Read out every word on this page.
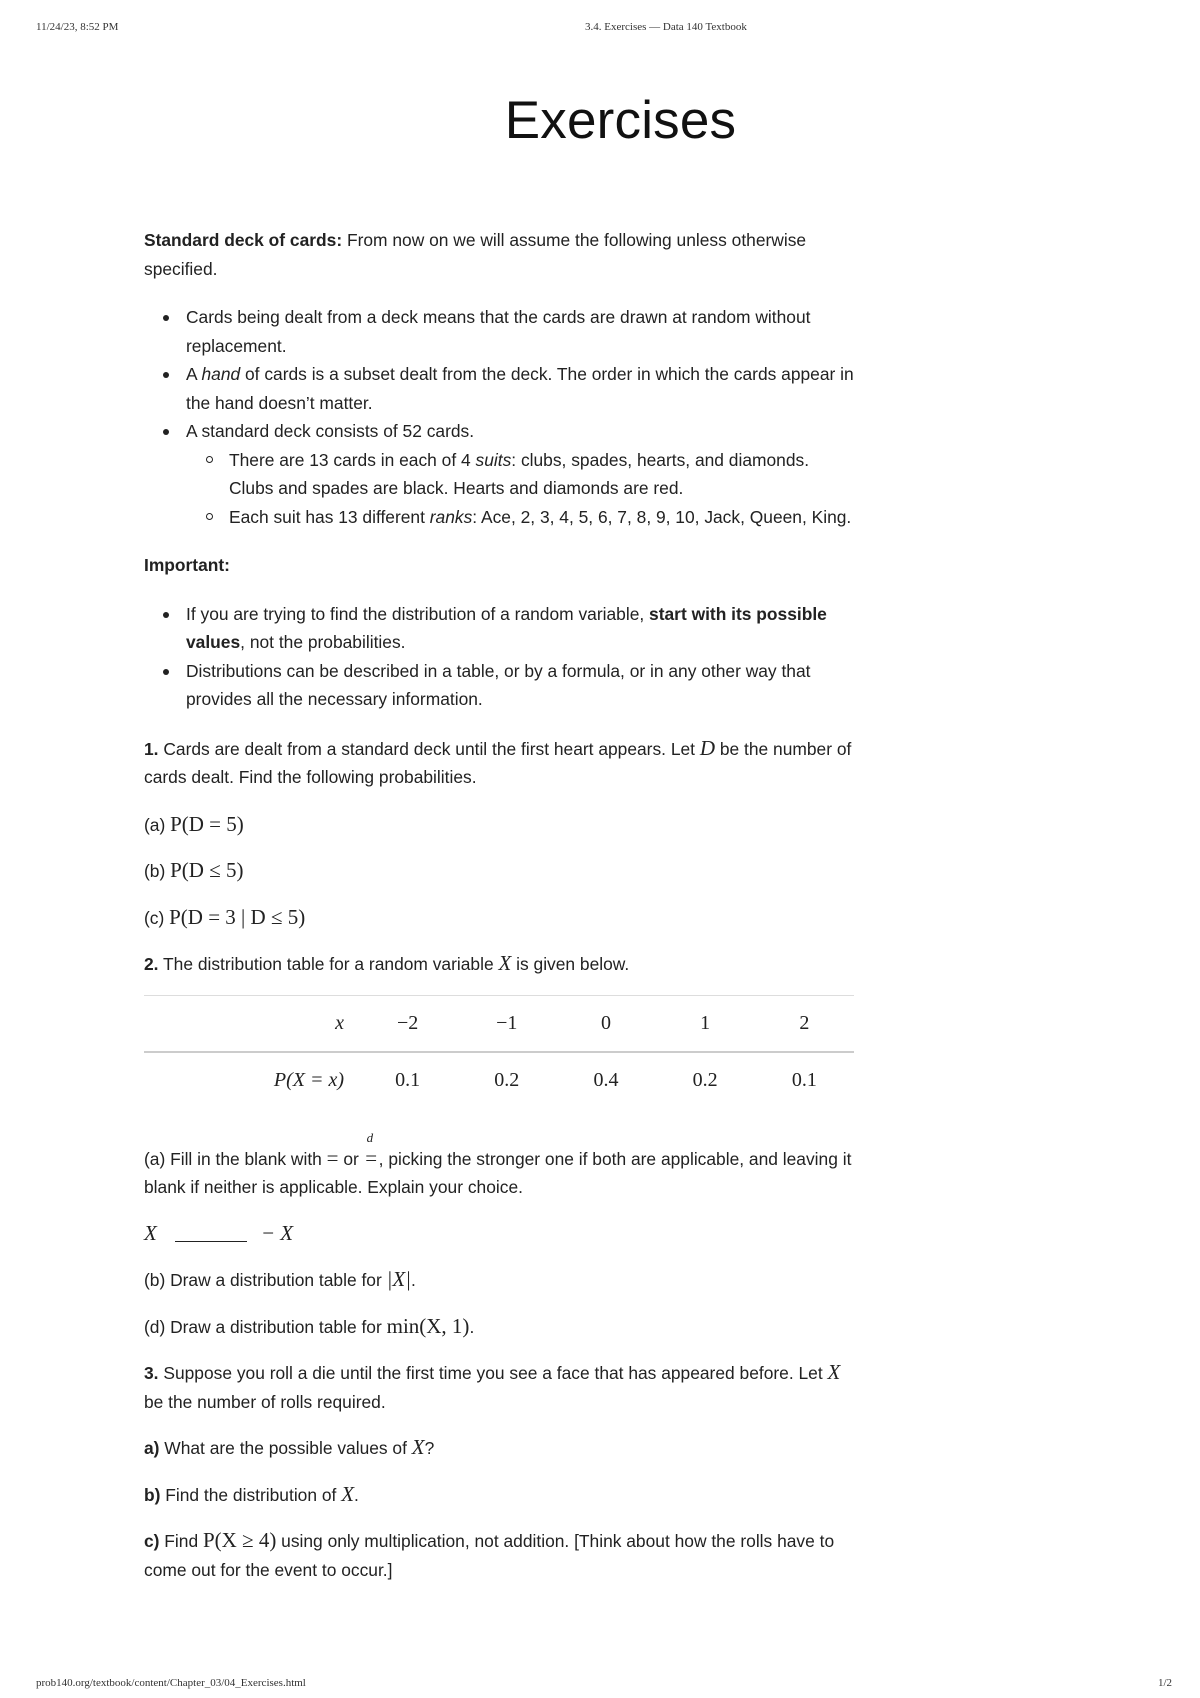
11/24/23, 8:52 PM	3.4. Exercises — Data 140 Textbook
Exercises

Standard deck of cards: From now on we will assume the following unless otherwise specified.

Cards being dealt from a deck means that the cards are drawn at random without replacement.
A hand of cards is a subset dealt from the deck. The order in which the cards appear in the hand doesn’t matter.
A standard deck consists of 52 cards.
There are 13 cards in each of 4 suits: clubs, spades, hearts, and diamonds. Clubs and spades are black. Hearts and diamonds are red.
Each suit has 13 different ranks: Ace, 2, 3, 4, 5, 6, 7, 8, 9, 10, Jack, Queen, King.

Important:

If you are trying to find the distribution of a random variable, start with its possible values, not the probabilities.
Distributions can be described in a table, or by a formula, or in any other way that provides all the necessary information.

1. Cards are dealt from a standard deck until the first heart appears. Let D be the number of cards dealt. Find the following probabilities.

(a) P(D = 5)

(b) P(D ≤ 5)

(c) P(D = 3 | D ≤ 5)

2. The distribution table for a random variable X is given below.

x	−2	−1	0	1	2
P(X = x)	0.1	0.2	0.4	0.2	0.1

(a) Fill in the blank with = or
d
=, picking the stronger one if both are applicable, and leaving it blank if neither is applicable. Explain your choice.

X	− X

(b) Draw a distribution table for |X|.

(d) Draw a distribution table for min(X, 1).

3. Suppose you roll a die until the first time you see a face that has appeared before. Let X be the number of rolls required.

a) What are the possible values of X?

b) Find the distribution of X.

c) Find P(X ≥ 4) using only multiplication, not addition. [Think about how the rolls have to come out for the event to occur.]

prob140.org/textbook/content/Chapter_03/04_Exercises.html	1/2
